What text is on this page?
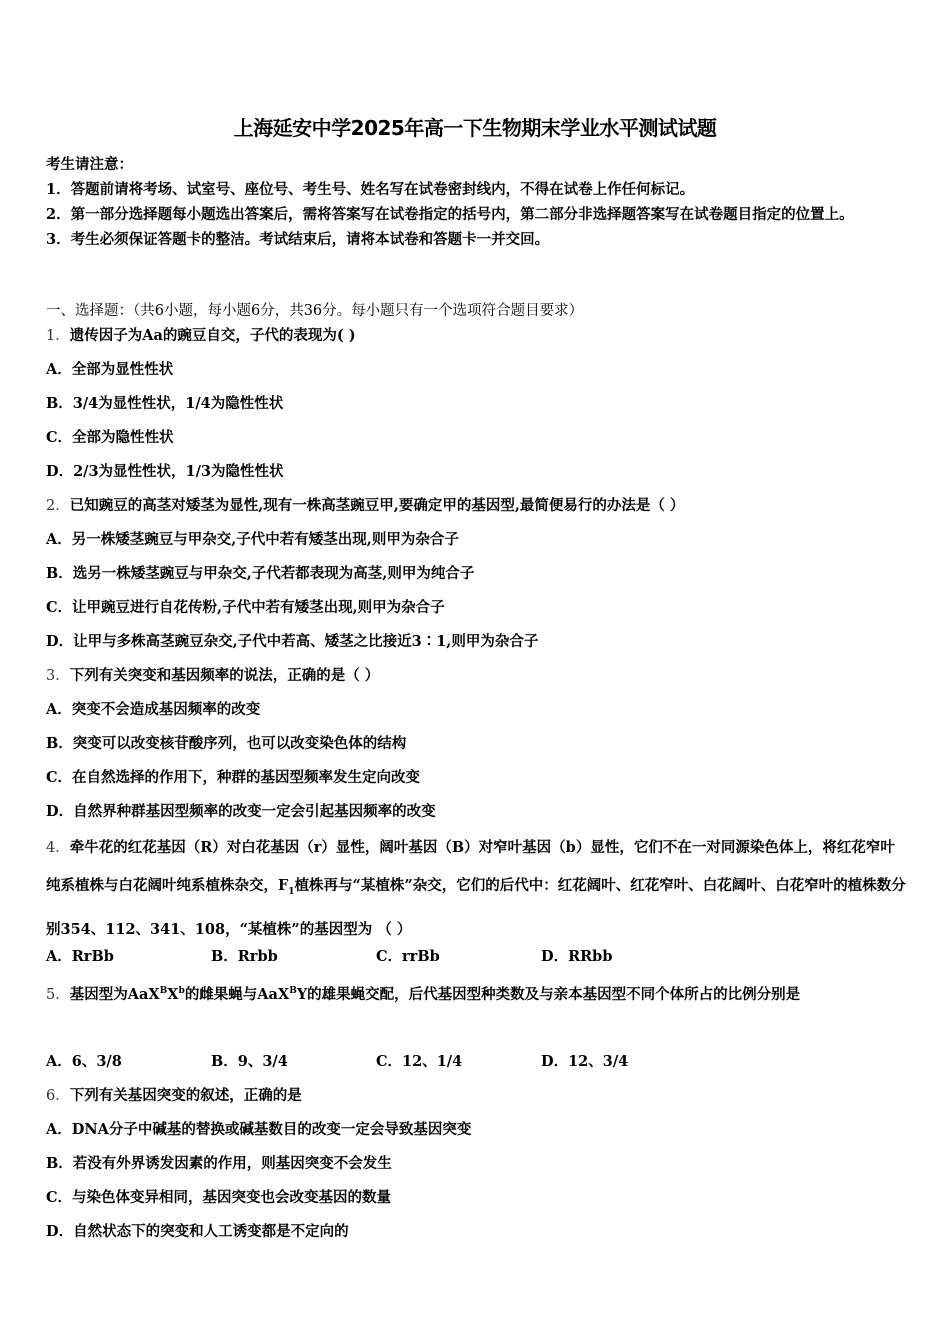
上海延安中学2025年高一下生物期末学业水平测试试题

考生请注意：

1．答题前请将考场、试室号、座位号、考生号、姓名写在试卷密封线内，不得在试卷上作任何标记。

2．第一部分选择题每小题选出答案后，需将答案写在试卷指定的括号内，第二部分非选择题答案写在试卷题目指定的位置上。

3．考生必须保证答题卡的整洁。考试结束后，请将本试卷和答题卡一并交回。

一、选择题：（共6小题，每小题6分，共36分。每小题只有一个选项符合题目要求）
1．遗传因子为Aa的豌豆自交，子代的表现为( )
A．全部为显性性状
B．3/4为显性性状，1/4为隐性性状
C．全部为隐性性状
D．2/3为显性性状，1/3为隐性性状
2．已知豌豆的高茎对矮茎为显性,现有一株高茎豌豆甲,要确定甲的基因型,最简便易行的办法是（ ）
A．另一株矮茎豌豆与甲杂交,子代中若有矮茎出现,则甲为杂合子
B．选另一株矮茎豌豆与甲杂交,子代若都表现为高茎,则甲为纯合子
C．让甲豌豆进行自花传粉,子代中若有矮茎出现,则甲为杂合子
D．让甲与多株高茎豌豆杂交,子代中若高、矮茎之比接近3∶1,则甲为杂合子
3．下列有关突变和基因频率的说法，正确的是（ ）
A．突变不会造成基因频率的改变
B．突变可以改变核苷酸序列，也可以改变染色体的结构
C．在自然选择的作用下，种群的基因型频率发生定向改变
D．自然界种群基因型频率的改变一定会引起基因频率的改变
4．牵牛花的红花基因（R）对白花基因（r）显性，阔叶基因（B）对窄叶基因（b）显性，它们不在一对同源染色体上，将红花窄叶纯系植株与白花阔叶纯系植株杂交，$F_1$植株再与“某植株”杂交，它们的后代中：红花阔叶、红花窄叶、白花阔叶、白花窄叶的植株数分别354、112、341、108，“某植株”的基因型为 （ ）
A．RrBb	B．Rrbb	C．rrBb	D．RRbb
5．基因型为$AaX^BX^b$的雌果蝇与AaX$^B$Y的雄果蝇交配，后代基因型种类数及与亲本基因型不同个体所占的比例分别是
A．6、3/8	B．9、3/4	C．12、1/4	D．12、3/4
6．下列有关基因突变的叙述，正确的是
A．DNA分子中碱基的替换或碱基数目的改变一定会导致基因突变
B．若没有外界诱发因素的作用，则基因突变不会发生
C．与染色体变异相同，基因突变也会改变基因的数量
D．自然状态下的突变和人工诱变都是不定向的
